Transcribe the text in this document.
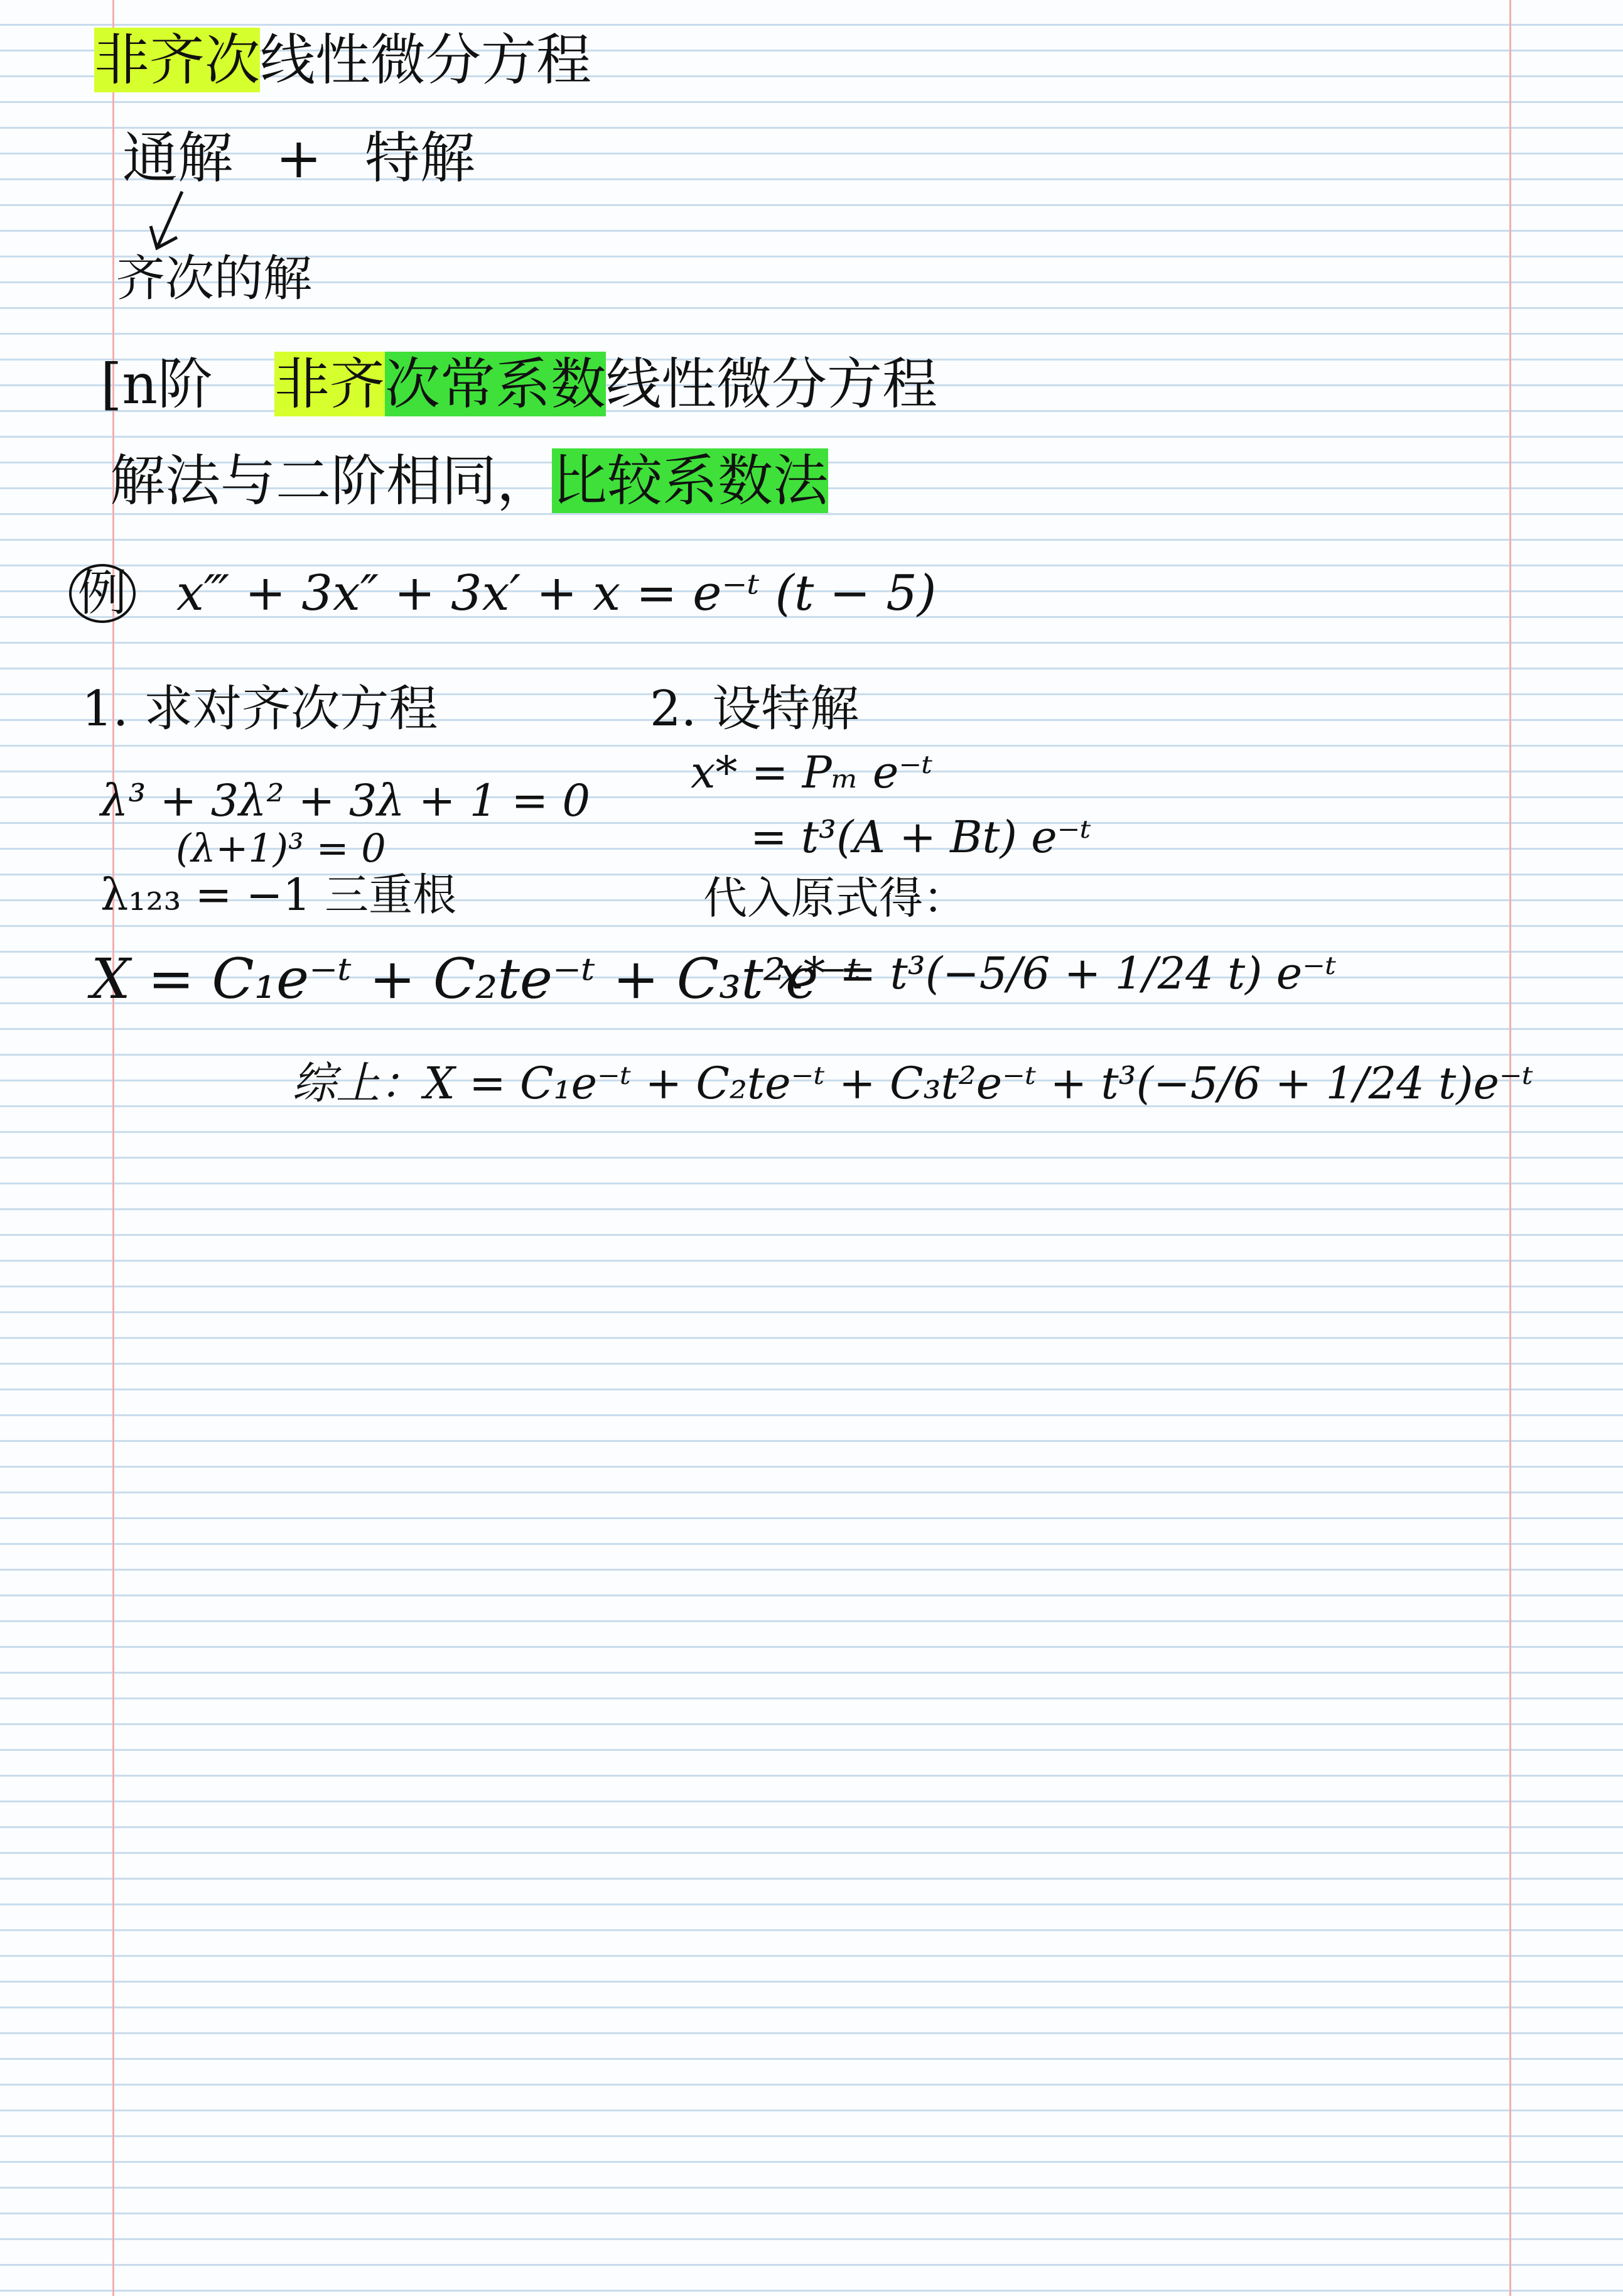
非齐次线性微分方程
通解 + 特解
齐次的解
[n阶 非齐次常系数线性微分方程
解法与二阶相同，比较系数法
例 x‴ + 3x″ + 3x′ + x = e⁻ᵗ (t − 5)
1. 求对齐次方程
λ³ + 3λ² + 3λ + 1 = 0
(λ+1)³ = 0
λ₁₂₃ = −1 三重根
X = C₁e⁻ᵗ + C₂te⁻ᵗ + C₃t²e⁻ᵗ
2. 设特解
x* = Pₘ e⁻ᵗ
= t³(A + Bt) e⁻ᵗ
代入原式得：
x* = t³(−5/6 + 1/24 t) e⁻ᵗ
综上：X = C₁e⁻ᵗ + C₂te⁻ᵗ + C₃t²e⁻ᵗ + t³(−5/6 + 1/24 t)e⁻ᵗ
